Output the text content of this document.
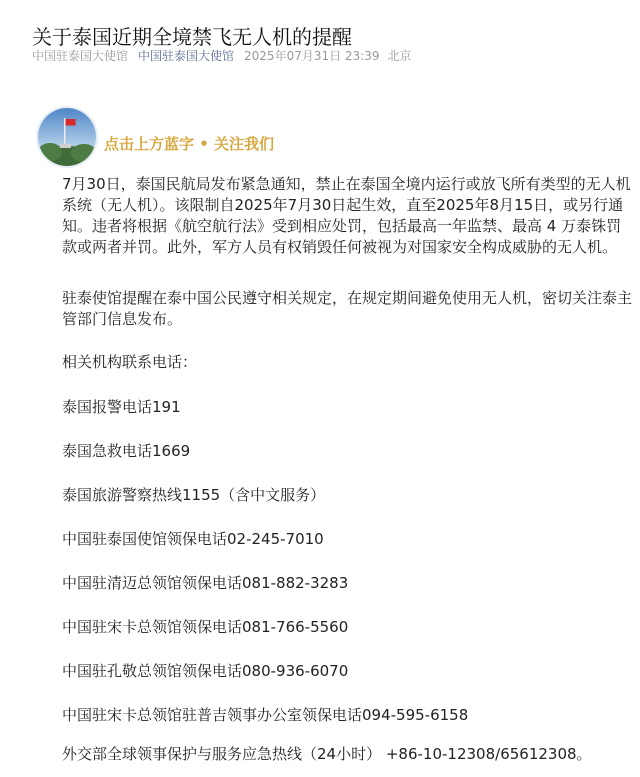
关于泰国近期全境禁飞无人机的提醒
中国驻泰国大使馆 中国驻泰国大使馆 2025年07月31日 23:39 北京
点击上方蓝字 • 关注我们

7月30日，泰国民航局发布紧急通知，禁止在泰国全境内运行或放飞所有类型的无人机系统（无人机）。该限制自2025年7月30日起生效，直至2025年8月15日，或另行通知。违者将根据《航空航行法》受到相应处罚，包括最高一年监禁、最高 4 万泰铢罚款或两者并罚。此外，军方人员有权销毁任何被视为对国家安全构成威胁的无人机。

驻泰使馆提醒在泰中国公民遵守相关规定，在规定期间避免使用无人机，密切关注泰主管部门信息发布。

相关机构联系电话：
泰国报警电话191
泰国急救电话1669
泰国旅游警察热线1155（含中文服务）
中国驻泰国使馆领保电话02-245-7010
中国驻清迈总领馆领保电话081-882-3283
中国驻宋卡总领馆领保电话081-766-5560
中国驻孔敬总领馆领保电话080-936-6070
中国驻宋卡总领馆驻普吉领事办公室领保电话094-595-6158
外交部全球领事保护与服务应急热线（24小时） +86-10-12308/65612308。
